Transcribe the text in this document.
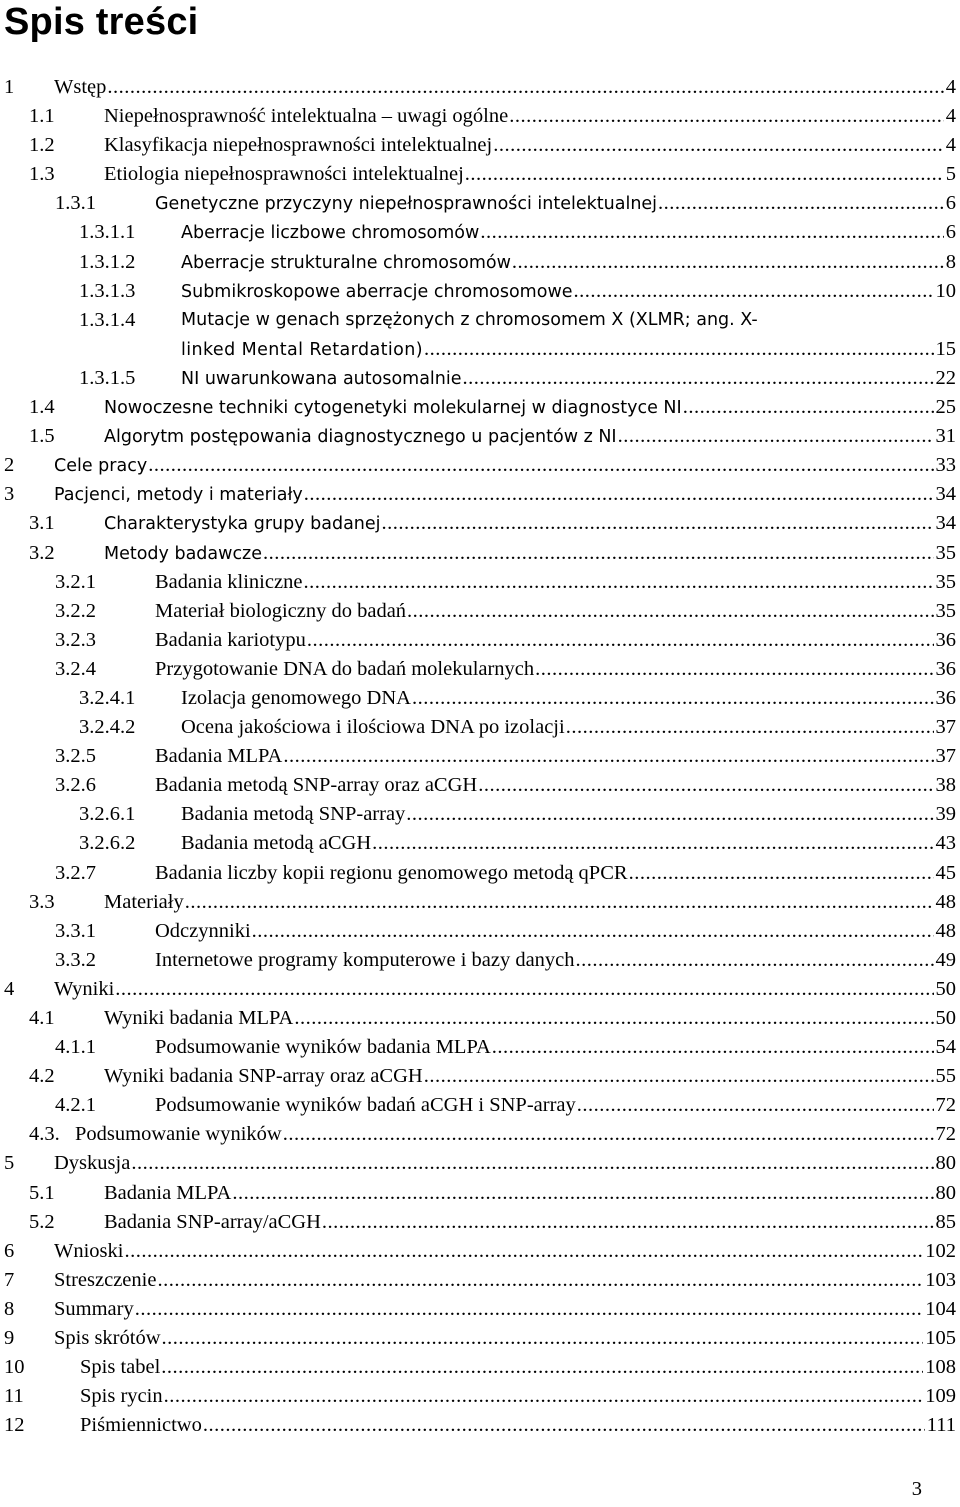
Spis treści
1 Wstęp .....	4
1.1 Niepełnosprawność intelektualna – uwagi ogólne .....	4
1.2 Klasyfikacja niepełnosprawności intelektualnej .....	4
1.3 Etiologia niepełnosprawności intelektualnej .....	5
1.3.1	Genetyczne przyczyny niepełnosprawności intelektualnej .....	6
1.3.1.1	Aberracje liczbowe chromosomów .....	6
1.3.1.2	Aberracje strukturalne chromosomów .....	8
1.3.1.3	Submikroskopowe aberracje chromosomowe .....	10
1.3.1.4	Mutacje w genach sprzężonych z chromosomem X (XLMR; ang. X-
linked Mental Retardation) .....	15
1.3.1.5	NI uwarunkowana autosomalnie .....	22
1.4	Nowoczesne techniki cytogenetyki molekularnej w diagnostyce NI .....	25
1.5	Algorytm postępowania diagnostycznego u pacjentów z NI .....	31
2 Cele pracy .....	33
3 Pacjenci, metody i materiały .....	34
3.1	Charakterystyka grupy badanej .....	34
3.2	Metody badawcze .....	35
3.2.1	Badania kliniczne .....	35
3.2.2	Materiał biologiczny do badań .....	35
3.2.3	Badania kariotypu .....	36
3.2.4	Przygotowanie DNA do badań molekularnych .....	36
3.2.4.1 Izolacja genomowego DNA .....	36
3.2.4.2 Ocena jakościowa i ilościowa DNA po izolacji .....	37
3.2.5	Badania MLPA .....	37
3.2.6	Badania metodą SNP-array oraz aCGH .....	38
3.2.6.1 Badania metodą SNP-array .....	39
3.2.6.2 Badania metodą aCGH .....	43
3.2.7	Badania liczby kopii regionu genomowego metodą qPCR .....	45
3.3 Materiały .....	48
3.3.1	Odczynniki .....	48
3.3.2	Internetowe programy komputerowe i bazy danych .....	49
4 Wyniki .....	50
4.1 Wyniki badania MLPA .....	50
4.1.1	Podsumowanie wyników badania MLPA .....	54
4.2 Wyniki badania SNP-array oraz aCGH .....	55
4.2.1	Podsumowanie wyników badań aCGH i SNP-array .....	72
4.3. Podsumowanie wyników .....	72
5 Dyskusja .....	80
5.1 Badania MLPA .....	80
5.2 Badania SNP-array/aCGH .....	85
6 Wnioski .....	102
7 Streszczenie .....	103
8 Summary .....	104
9 Spis skrótów .....	105
10	Spis tabel .....	108
11	Spis rycin .....	109
12	Piśmiennictwo .....	111
3
